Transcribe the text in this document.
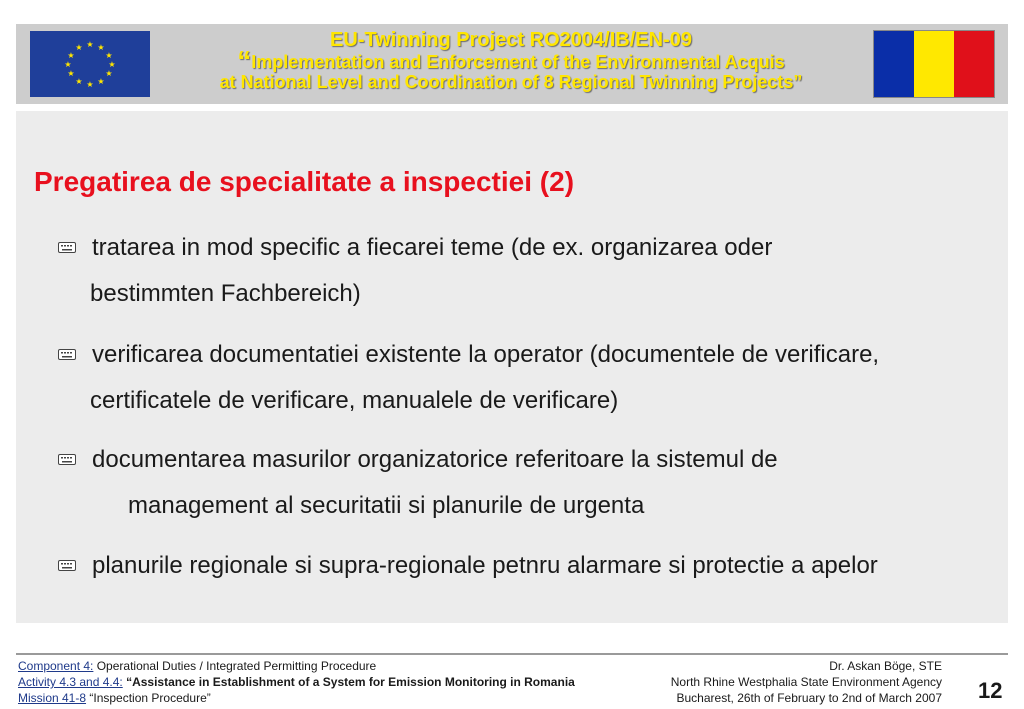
★ ★
★
★
★
★
★
★
★
★
★
★	EU-Twinning Project RO2004/IB/EN-09
“Implementation and Enforcement of the Environmental Acquis
at National Level and Coordination of 8 Regional Twinning Projects”
Pregatirea de specialitate a inspectiei (2)
tratarea in mod specific a fiecarei teme (de ex. organizarea oder
bestimmten Fachbereich)
verificarea documentatiei existente la operator (documentele de verificare,
certificatele de verificare, manualele de verificare)
documentarea masurilor organizatorice referitoare la sistemul de
management al securitatii si planurile de urgenta
planurile regionale si supra-regionale petnru alarmare si protectie a apelor
Component 4: Operational Duties / Integrated Permitting Procedure
Activity 4.3 and 4.4: “Assistance in Establishment of a System for Emission Monitoring in Romania
Mission 41-8 “Inspection Procedure”
Dr. Askan Böge, STE
North Rhine Westphalia State Environment Agency
Bucharest, 26th of February to 2nd of March 2007 12
